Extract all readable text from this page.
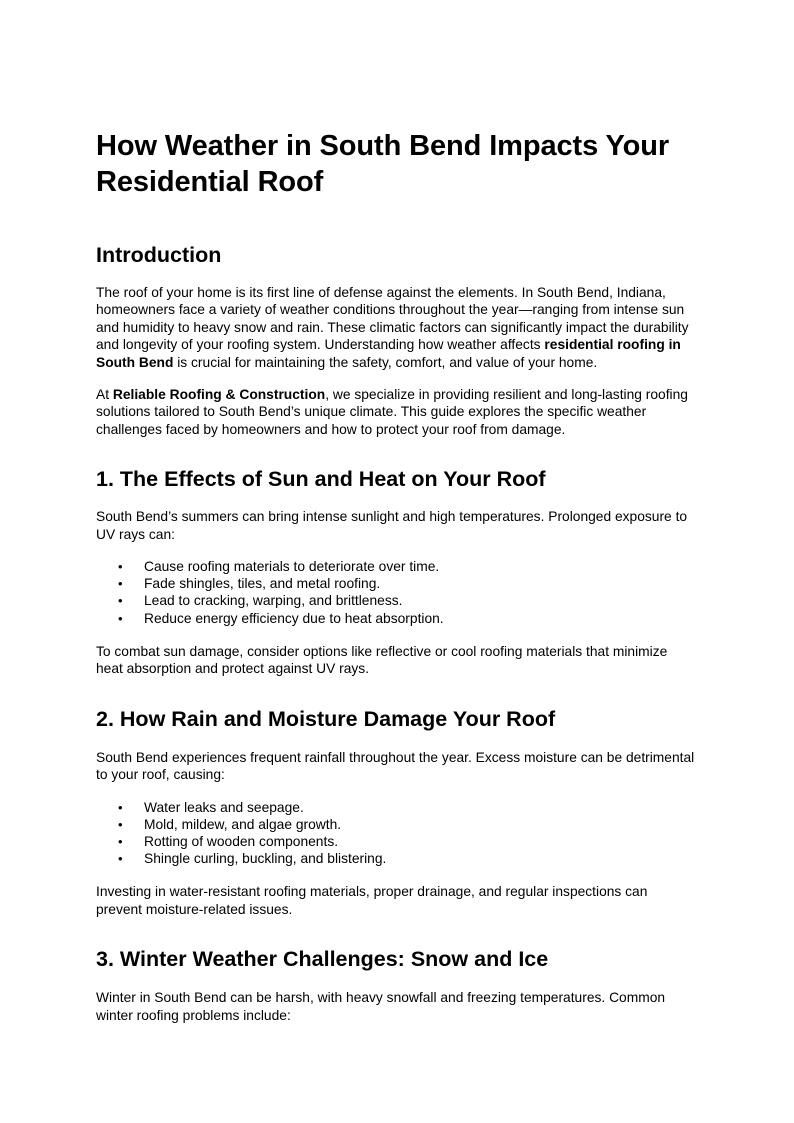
How Weather in South Bend Impacts Your Residential Roof
Introduction

The roof of your home is its first line of defense against the elements. In South Bend, Indiana, homeowners face a variety of weather conditions throughout the year—ranging from intense sun and humidity to heavy snow and rain. These climatic factors can significantly impact the durability and longevity of your roofing system. Understanding how weather affects residential roofing in South Bend is crucial for maintaining the safety, comfort, and value of your home.

At Reliable Roofing & Construction, we specialize in providing resilient and long-lasting roofing solutions tailored to South Bend’s unique climate. This guide explores the specific weather challenges faced by homeowners and how to protect your roof from damage.

1. The Effects of Sun and Heat on Your Roof

South Bend’s summers can bring intense sunlight and high temperatures. Prolonged exposure to UV rays can:

• Cause roofing materials to deteriorate over time.
• Fade shingles, tiles, and metal roofing.
• Lead to cracking, warping, and brittleness.
• Reduce energy efficiency due to heat absorption.

To combat sun damage, consider options like reflective or cool roofing materials that minimize heat absorption and protect against UV rays.

2. How Rain and Moisture Damage Your Roof

South Bend experiences frequent rainfall throughout the year. Excess moisture can be detrimental to your roof, causing:

• Water leaks and seepage.
• Mold, mildew, and algae growth.
• Rotting of wooden components.
• Shingle curling, buckling, and blistering.

Investing in water-resistant roofing materials, proper drainage, and regular inspections can prevent moisture-related issues.

3. Winter Weather Challenges: Snow and Ice

Winter in South Bend can be harsh, with heavy snowfall and freezing temperatures. Common winter roofing problems include:
